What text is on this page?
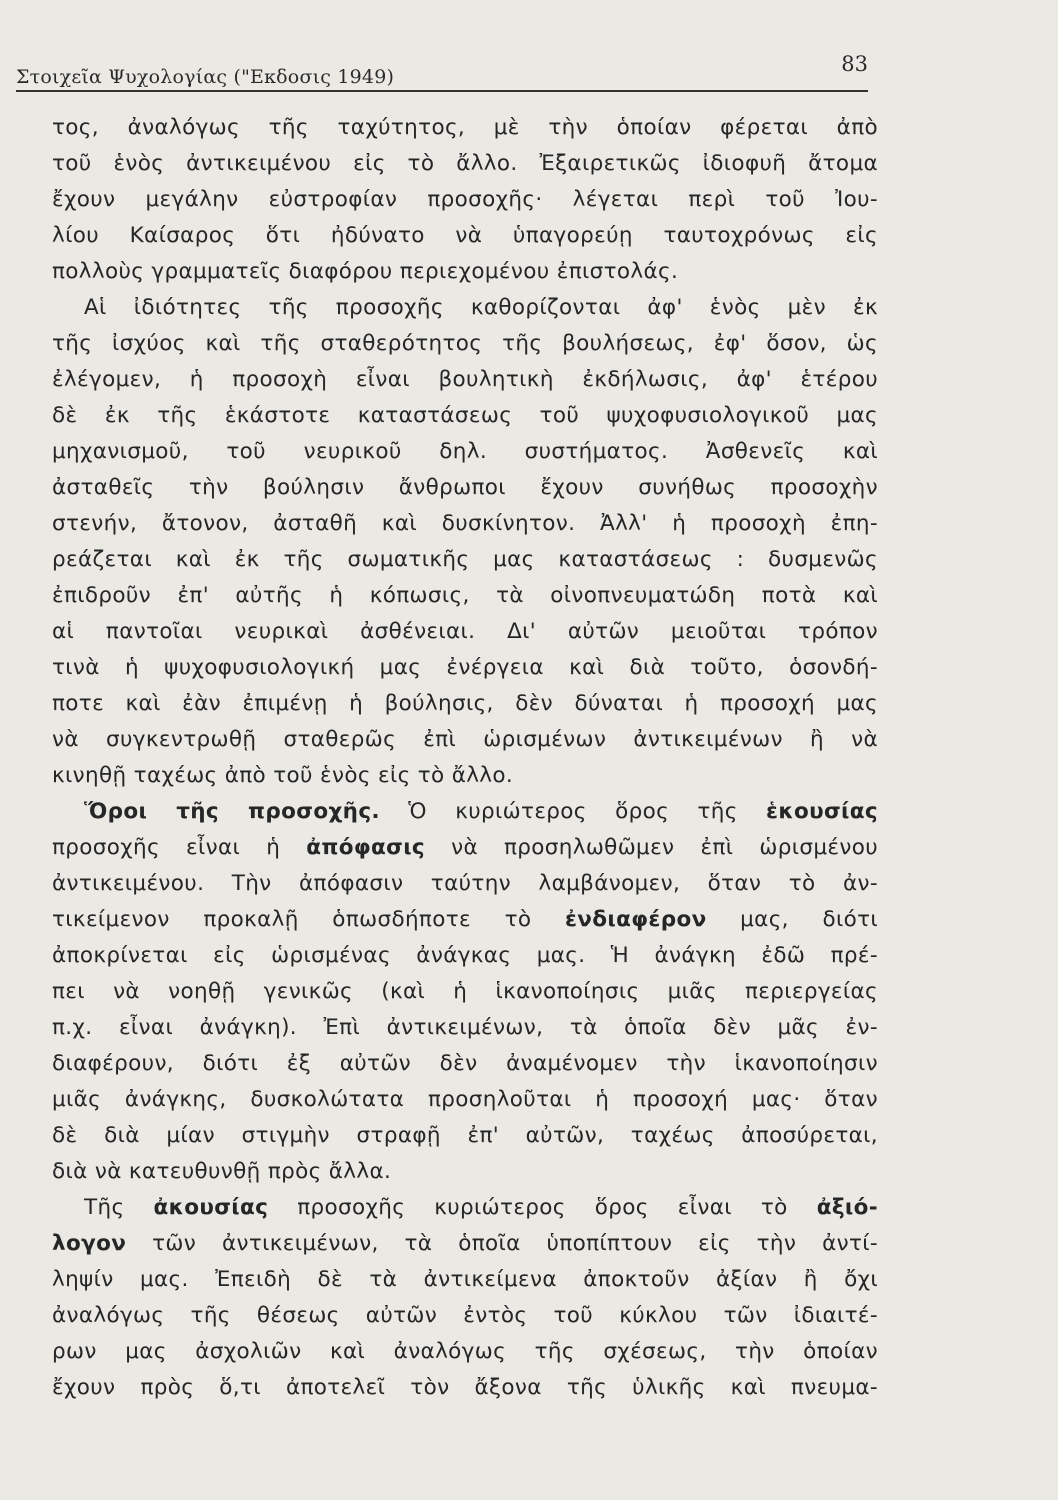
Στοιχεῖα Ψυχολογίας ("Εκδοσις 1949)
83
τος, ἀναλόγως τῆς ταχύτητος, μὲ τὴν ὁποίαν φέρεται ἀπὸ
τοῦ ἑνὸς ἀντικειμένου εἰς τὸ ἄλλο. Ἐξαιρετικῶς ἰδιοφυῆ ἄτομα
ἔχουν μεγάλην εὐστροφίαν προσοχῆς· λέγεται περὶ τοῦ Ἰου-
λίου Καίσαρος ὅτι ἠδύνατο νὰ ὑπαγορεύῃ ταυτοχρόνως εἰς
πολλοὺς γραμματεῖς διαφόρου περιεχομένου ἐπιστολάς.
Αἱ ἰδιότητες τῆς προσοχῆς καθορίζονται ἀφ' ἑνὸς μὲν ἐκ
τῆς ἰσχύος καὶ τῆς σταθερότητος τῆς βουλήσεως, ἐφ' ὅσον, ὡς
ἐλέγομεν, ἡ προσοχὴ εἶναι βουλητικὴ ἐκδήλωσις, ἀφ' ἑτέρου
δὲ ἐκ τῆς ἑκάστοτε καταστάσεως τοῦ ψυχοφυσιολογικοῦ μας
μηχανισμοῦ, τοῦ νευρικοῦ δηλ. συστήματος. Ἀσθενεῖς καὶ
ἀσταθεῖς τὴν βούλησιν ἄνθρωποι ἔχουν συνήθως προσοχὴν
στενήν, ἄτονον, ἀσταθῆ καὶ δυσκίνητον. Ἀλλ' ἡ προσοχὴ ἐπη-
ρεάζεται καὶ ἐκ τῆς σωματικῆς μας καταστάσεως : δυσμενῶς
ἐπιδροῦν ἐπ' αὐτῆς ἡ κόπωσις, τὰ οἰνοπνευματώδη ποτὰ καὶ
αἱ παντοῖαι νευρικαὶ ἀσθένειαι. Δι' αὐτῶν μειοῦται τρόπον
τινὰ ἡ ψυχοφυσιολογική μας ἐνέργεια καὶ διὰ τοῦτο, ὁσονδή-
ποτε καὶ ἐὰν ἐπιμένῃ ἡ βούλησις, δὲν δύναται ἡ προσοχή μας
νὰ συγκεντρωθῇ σταθερῶς ἐπὶ ὡρισμένων ἀντικειμένων ἢ νὰ
κινηθῇ ταχέως ἀπὸ τοῦ ἑνὸς εἰς τὸ ἄλλο.
Ὅροι τῆς προσοχῆς. Ὁ κυριώτερος ὅρος τῆς ἑκουσίας
προσοχῆς εἶναι ἡ ἀπόφασις νὰ προσηλωθῶμεν ἐπὶ ὡρισμένου
ἀντικειμένου. Τὴν ἀπόφασιν ταύτην λαμβάνομεν, ὅταν τὸ ἀν-
τικείμενον προκαλῇ ὁπωσδήποτε τὸ ἐνδιαφέρον μας, διότι
ἀποκρίνεται εἰς ὡρισμένας ἀνάγκας μας. Ἡ ἀνάγκη ἐδῶ πρέ-
πει νὰ νοηθῇ γενικῶς (καὶ ἡ ἱκανοποίησις μιᾶς περιεργείας
π.χ. εἶναι ἀνάγκη). Ἐπὶ ἀντικειμένων, τὰ ὁποῖα δὲν μᾶς ἐν-
διαφέρουν, διότι ἐξ αὐτῶν δὲν ἀναμένομεν τὴν ἱκανοποίησιν
μιᾶς ἀνάγκης, δυσκολώτατα προσηλοῦται ἡ προσοχή μας· ὅταν
δὲ διὰ μίαν στιγμὴν στραφῇ ἐπ' αὐτῶν, ταχέως ἀποσύρεται,
διὰ νὰ κατευθυνθῇ πρὸς ἄλλα.
Τῆς ἀκουσίας προσοχῆς κυριώτερος ὅρος εἶναι τὸ ἀξιό-
λογον τῶν ἀντικειμένων, τὰ ὁποῖα ὑποπίπτουν εἰς τὴν ἀντί-
ληψίν μας. Ἐπειδὴ δὲ τὰ ἀντικείμενα ἀποκτοῦν ἀξίαν ἢ ὄχι
ἀναλόγως τῆς θέσεως αὐτῶν ἐντὸς τοῦ κύκλου τῶν ἰδιαιτέ-
ρων μας ἀσχολιῶν καὶ ἀναλόγως τῆς σχέσεως, τὴν ὁποίαν
ἔχουν πρὸς ὅ,τι ἀποτελεῖ τὸν ἄξονα τῆς ὑλικῆς καὶ πνευμα-
